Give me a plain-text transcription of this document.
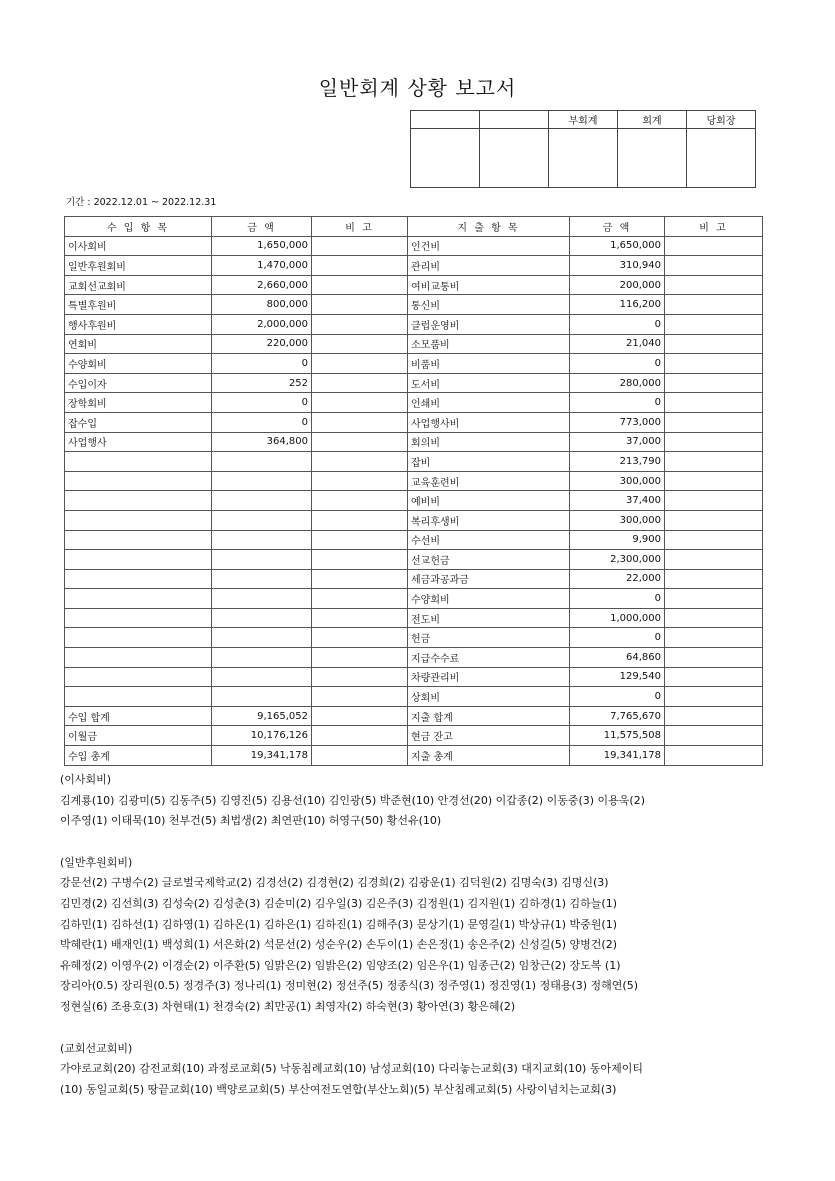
일반회계 상황 보고서
		부회계	회계	당회장

기간 : 2022.12.01 ~ 2022.12.31
수 입 항 목	금 액	비 고	지 출 항 목	금 액	비 고
이사회비	1,650,000		인건비	1,650,000	
일반후원회비	1,470,000		관리비	310,940	
교회선교회비	2,660,000		여비교통비	200,000	
특별후원비	800,000		통신비	116,200	
행사후원비	2,000,000		클럽운영비	0	
연회비	220,000		소모품비	21,040	
수양회비	0		비품비	0	
수입이자	252		도서비	280,000	
장학회비	0		인쇄비	0	
잡수입	0		사업행사비	773,000	
사업행사	364,800		회의비	37,000	
			잡비	213,790	
			교육훈련비	300,000	
			예비비	37,400	
			복리후생비	300,000	
			수선비	9,900	
			선교헌금	2,300,000	
			세금과공과금	22,000	
			수양회비	0	
			전도비	1,000,000	
			헌금	0	
			지급수수료	64,860	
			차량관리비	129,540	
			상회비	0	
수입 합계	9,165,052		지출 합계	7,765,670	
이월금	10,176,126		현금 잔고	11,575,508	
수입 총계	19,341,178		지출 총계	19,341,178	

(이사회비)

김계룡(10) 김광미(5) 김동주(5) 김영진(5) 김용선(10) 김인광(5) 박준현(10) 안경선(20) 이갑종(2) 이동중(3) 이용욱(2)

이주영(1) 이태묵(10) 천부건(5) 최법생(2) 최연판(10) 허영구(50) 황선유(10)

(일반후원회비)

강문선(2) 구병수(2) 글로벌국제학교(2) 김경선(2) 김경현(2) 김경희(2) 김광운(1) 김덕원(2) 김명숙(3) 김명신(3)

김민경(2) 김선희(3) 김성숙(2) 김성춘(3) 김순미(2) 김우일(3) 김은주(3) 김정원(1) 김지원(1) 김하경(1) 김하늘(1)

김하민(1) 김하선(1) 김하영(1) 김하온(1) 김하은(1) 김하진(1) 김해주(3) 문상기(1) 문영길(1) 박상규(1) 박중원(1)

박혜란(1) 배재인(1) 백성희(1) 서은화(2) 석문선(2) 성순우(2) 손두이(1) 손은정(1) 송은주(2) 신성길(5) 양병건(2)

유혜정(2) 이영우(2) 이경순(2) 이주환(5) 임맑은(2) 임밝은(2) 임양조(2) 임은우(1) 임종근(2) 임창근(2) 장도복 (1)

장리아(0.5) 장리원(0.5) 정경주(3) 정나리(1) 정미현(2) 정선주(5) 정종식(3) 정주영(1) 정진영(1) 정태용(3) 정해연(5)

정현실(6) 조용호(3) 차현태(1) 천경숙(2) 최만공(1) 최영자(2) 하숙현(3) 황아연(3) 황은혜(2)

(교회선교회비)

가야로교회(20) 감전교회(10) 과정로교회(5) 낙동침례교회(10) 남성교회(10) 다리놓는교회(3) 대지교회(10) 동아제이티

(10) 동일교회(5) 땅끝교회(10) 백양로교회(5) 부산여전도연합(부산노회)(5) 부산침례교회(5) 사랑이넘치는교회(3)
